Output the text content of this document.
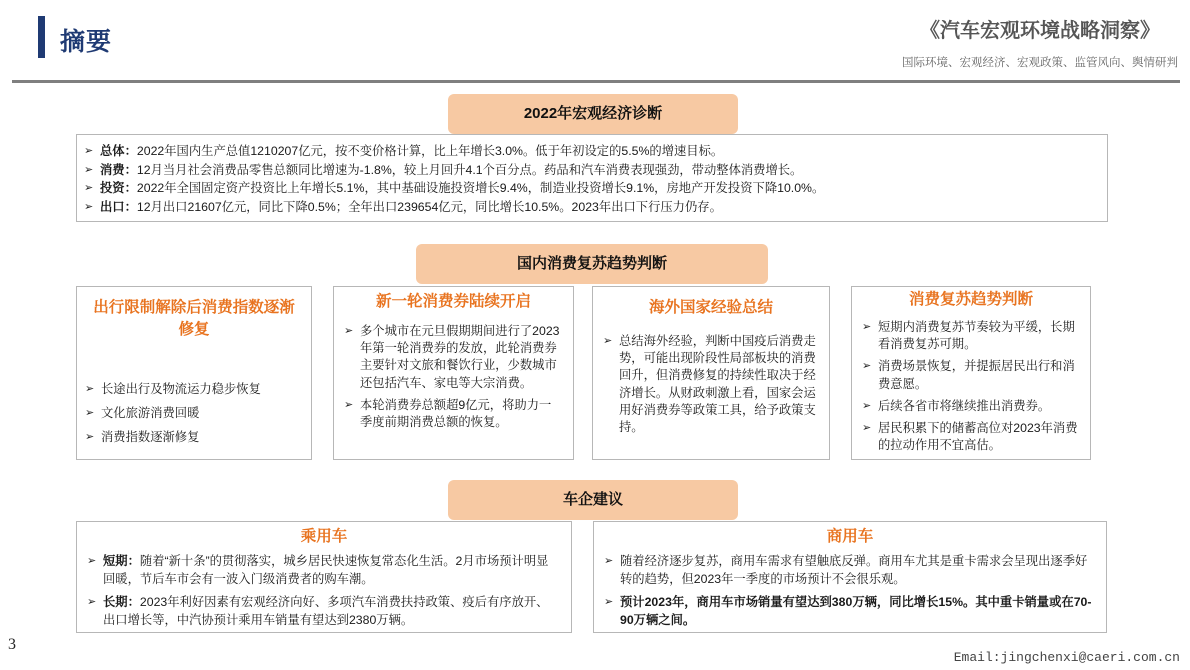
摘要	《汽车宏观环境战略洞察》
国际环境、宏观经济、宏观政策、监管风向、舆情研判
2022年宏观经济诊断
➢ 总体：2022年国内生产总值1210207亿元，按不变价格计算，比上年增长3.0%。低于年初设定的5.5%的增速目标。
➢ 消费：12月当月社会消费品零售总额同比增速为-1.8%，较上月回升4.1个百分点。药品和汽车消费表现强劲，带动整体消费增长。
➢ 投资：2022年全国固定资产投资比上年增长5.1%，其中基础设施投资增长9.4%，制造业投资增长9.1%，房地产开发投资下降10.0%。
➢ 出口：12月出口21607亿元，同比下降0.5%；全年出口239654亿元，同比增长10.5%。2023年出口下行压力仍存。
国内消费复苏趋势判断
出行限制解除后消费指数逐渐修复
➢ 长途出行及物流运力稳步恢复
➢ 文化旅游消费回暖
➢ 消费指数逐渐修复
新一轮消费券陆续开启
➢ 多个城市在元旦假期期间进行了2023年第一轮消费券的发放，此轮消费券主要针对文旅和餐饮行业，少数城市还包括汽车、家电等大宗消费。
➢ 本轮消费券总额超9亿元，将助力一季度前期消费总额的恢复。
海外国家经验总结
➢ 总结海外经验，判断中国疫后消费走势，可能出现阶段性局部板块的消费回升，但消费修复的持续性取决于经济增长。从财政刺激上看，国家会运用好消费券等政策工具，给予政策支持。
消费复苏趋势判断
➢ 短期内消费复苏节奏较为平缓，长期看消费复苏可期。
➢ 消费场景恢复，并提振居民出行和消费意愿。
➢ 后续各省市将继续推出消费券。
➢ 居民积累下的储蓄高位对2023年消费的拉动作用不宜高估。
车企建议
乘用车
➢ 短期：随着“新十条”的贯彻落实，城乡居民快速恢复常态化生活。2月市场预计明显回暖，节后车市会有一波入门级消费者的购车潮。
➢ 长期：2023年利好因素有宏观经济向好、多项汽车消费扶持政策、疫后有序放开、出口增长等，中汽协预计乘用车销量有望达到2380万辆。
商用车
➢ 随着经济逐步复苏，商用车需求有望触底反弹。商用车尤其是重卡需求会呈现出逐季好转的趋势，但2023年一季度的市场预计不会很乐观。
➢ 预计2023年，商用车市场销量有望达到380万辆，同比增长15%。其中重卡销量或在70-90万辆之间。
3
Email:jingchenxi@caeri.com.cn
